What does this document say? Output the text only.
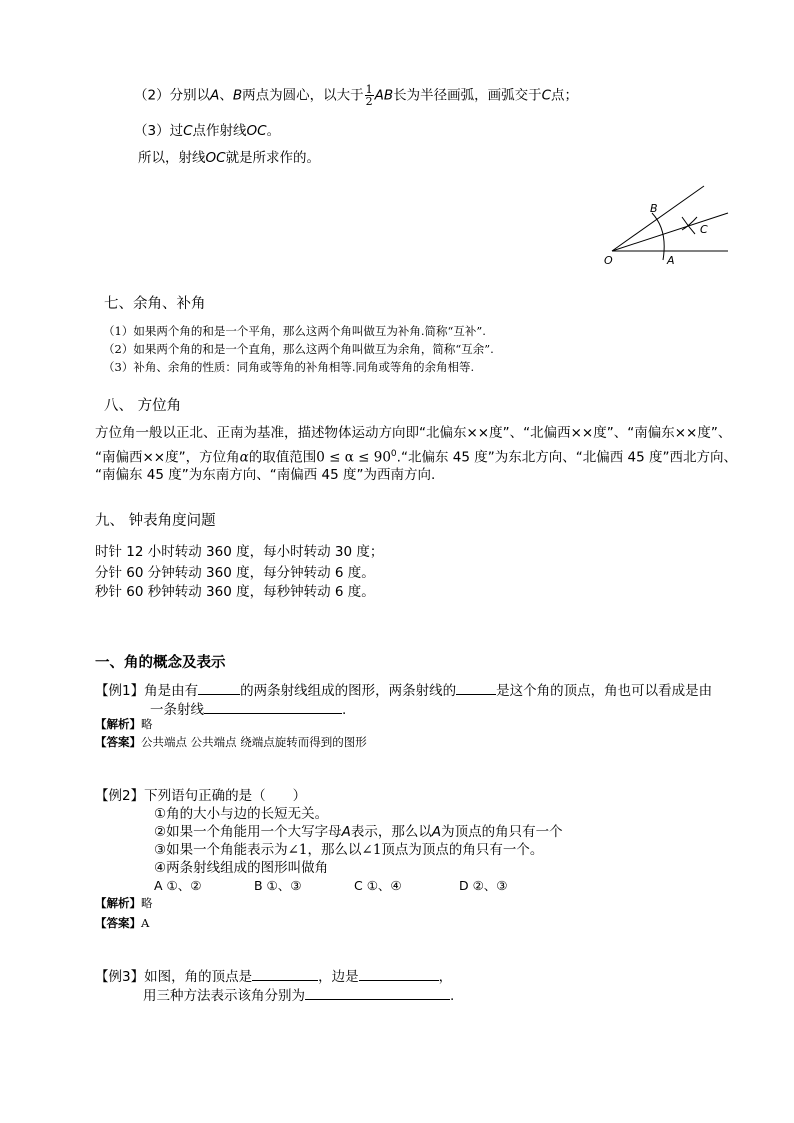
（2）分别以A、B两点为圆心，以大于 $\frac{1}{2}$ AB长为半径画弧，画弧交于C点；
（3）过C点作射线OC。
所以，射线OC就是所求作的。
O	A
B
C
七、余角、补角
（1）如果两个角的和是一个平角，那么这两个角叫做互为补角.简称“互补”.
（2）如果两个角的和是一个直角，那么这两个角叫做互为余角，简称“互余”.
（3）补角、余角的性质：同角或等角的补角相等.同角或等角的余角相等.
八、 方位角
方位角一般以正北、正南为基准，描述物体运动方向即“北偏东××度”、“北偏西××度”、“南偏东××度”、
“南偏西××度”，方位角α的取值范围$0 \le \alpha \le 90^0.“$北偏东 45 度”为东北方向、“北偏西 45 度”西北方向、
“南偏东 45 度”为东南方向、“南偏西 45 度”为西南方向.
九、 钟表角度问题
时针 12 小时转动 360 度，每小时转动 30 度；
分针 60 分钟转动 360 度，每分钟转动 6 度。
秒针 60 秒钟转动 360 度，每秒钟转动 6 度。
一、角的概念及表示
【例1】角是由有	的两条射线组成的图形，两条射线的	是这个角的顶点，角也可以看成是由
一条射线	.
【解析】略
【答案】公共端点 公共端点 绕端点旋转而得到的图形
【例2】下列语句正确的是（　　）
①角的大小与边的长短无关。
②如果一个角能用一个大写字母A表示，那么以A为顶点的角只有一个
③如果一个角能表示为∠1，那么以∠1顶点为顶点的角只有一个。
④两条射线组成的图形叫做角
A ①、②	B ①、③	C ①、④	D ②、③
【解析】略
【答案】A
【例3】如图，角的顶点是	，边是	，
用三种方法表示该角分别为	.
